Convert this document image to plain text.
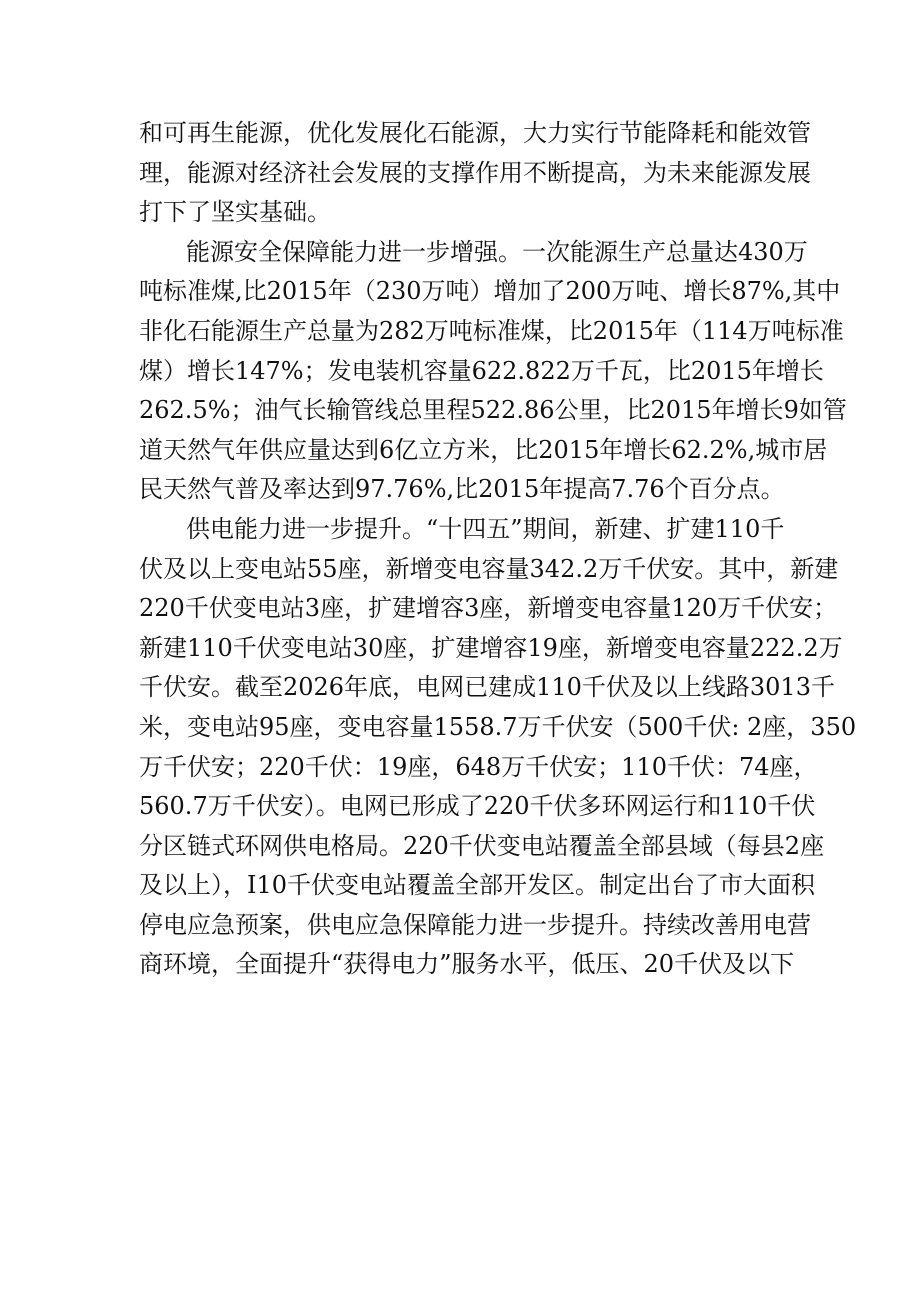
和可再生能源，优化发展化石能源，大力实行节能降耗和能效管
理，能源对经济社会发展的支撑作用不断提高，为未来能源发展
打下了坚实基础。
能源安全保障能力进一步增强。一次能源生产总量达430万
吨标准煤,比2015年（230万吨）增加了200万吨、增长87%,其中
非化石能源生产总量为282万吨标准煤，比2015年（114万吨标准
煤）增长147%；发电装机容量622.822万千瓦，比2015年增长
262.5%；油气长输管线总里程522.86公里，比2015年增长9如管
道天然气年供应量达到6亿立方米，比2015年增长62.2%,城市居
民天然气普及率达到97.76%,比2015年提高7.76个百分点。
供电能力进一步提升。“十四五”期间，新建、扩建110千
伏及以上变电站55座，新增变电容量342.2万千伏安。其中，新建
220千伏变电站3座，扩建增容3座，新增变电容量120万千伏安；
新建110千伏变电站30座，扩建增容19座，新增变电容量222.2万
千伏安。截至2026年底，电网已建成110千伏及以上线路3013千
米，变电站95座，变电容量1558.7万千伏安（500千伏: 2座，350
万千伏安；220千伏：19座，648万千伏安；110千伏：74座，
560.7万千伏安）。电网已形成了220千伏多环网运行和110千伏
分区链式环网供电格局。220千伏变电站覆盖全部县域（每县2座
及以上），I10千伏变电站覆盖全部开发区。制定出台了市大面积
停电应急预案，供电应急保障能力进一步提升。持续改善用电营
商环境，全面提升“获得电力”服务水平，低压、20千伏及以下
